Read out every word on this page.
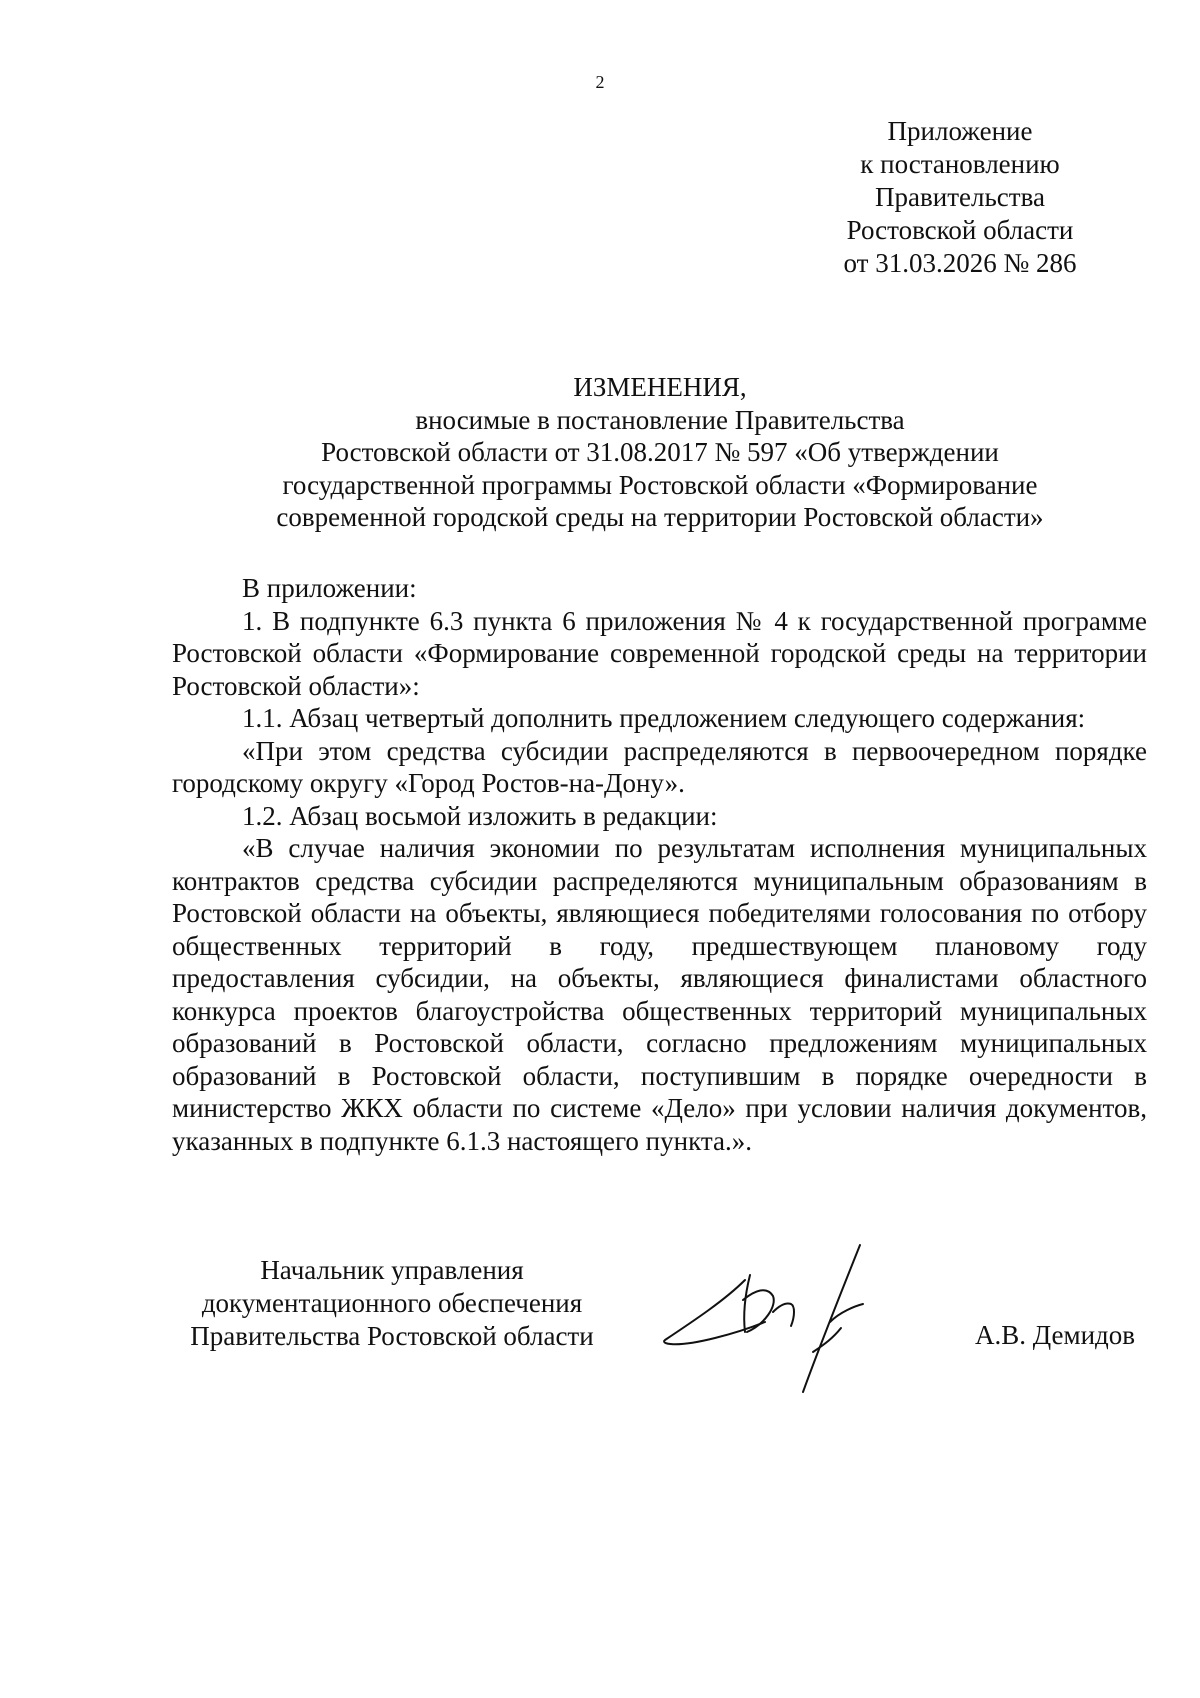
2
Приложение
к постановлению
Правительства
Ростовской области
от 31.03.2026 № 286
ИЗМЕНЕНИЯ,
вносимые в постановление Правительства
Ростовской области от 31.08.2017 № 597 «Об утверждении
государственной программы Ростовской области «Формирование
современной городской среды на территории Ростовской области»

В приложении:

1. В подпункте 6.3 пункта 6 приложения № 4 к государственной программе Ростовской области «Формирование современной городской среды на территории Ростовской области»:

1.1. Абзац четвертый дополнить предложением следующего содержания:

«При этом средства субсидии распределяются в первоочередном порядке городскому округу «Город Ростов-на-Дону».

1.2. Абзац восьмой изложить в редакции:

«В случае наличия экономии по результатам исполнения муниципальных контрактов средства субсидии распределяются муниципальным образованиям в Ростовской области на объекты, являющиеся победителями голосования по отбору общественных территорий в году, предшествующем плановому году предоставления субсидии, на объекты, являющиеся финалистами областного конкурса проектов благоустройства общественных территорий муниципальных образований в Ростовской области, согласно предложениям муниципальных образований в Ростовской области, поступившим в порядке очередности в министерство ЖКХ области по системе «Дело» при условии наличия документов, указанных в подпункте 6.1.3 настоящего пункта.».

Начальник управления
документационного обеспечения
Правительства Ростовской области	А.В. Демидов
